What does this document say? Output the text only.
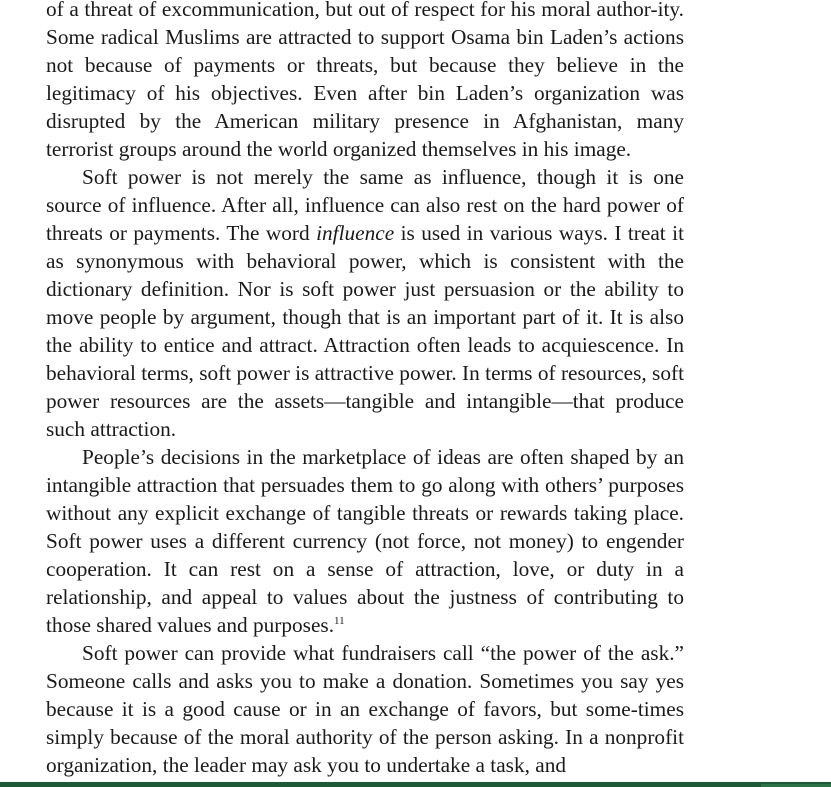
of a threat of excommunication, but out of respect for his moral author-ity. Some radical Muslims are attracted to support Osama bin Laden’s actions not because of payments or threats, but because they believe in the legitimacy of his objectives. Even after bin Laden’s organization was disrupted by the American military presence in Afghanistan, many terrorist groups around the world organized themselves in his image.

Soft power is not merely the same as influence, though it is one source of influence. After all, influence can also rest on the hard power of threats or payments. The word influence is used in various ways. I treat it as synonymous with behavioral power, which is consistent with the dictionary definition. Nor is soft power just persuasion or the ability to move people by argument, though that is an important part of it. It is also the ability to entice and attract. Attraction often leads to acquiescence. In behavioral terms, soft power is attractive power. In terms of resources, soft power resources are the assets—tangible and intangible—that produce such attraction.

People’s decisions in the marketplace of ideas are often shaped by an intangible attraction that persuades them to go along with others’ purposes without any explicit exchange of tangible threats or rewards taking place. Soft power uses a different currency (not force, not money) to engender cooperation. It can rest on a sense of attraction, love, or duty in a relationship, and appeal to values about the justness of contributing to those shared values and purposes.$^{11}$

Soft power can provide what fundraisers call “the power of the ask.” Someone calls and asks you to make a donation. Sometimes you say yes because it is a good cause or in an exchange of favors, but some-times simply because of the moral authority of the person asking. In a nonprofit organization, the leader may ask you to undertake a task, and
